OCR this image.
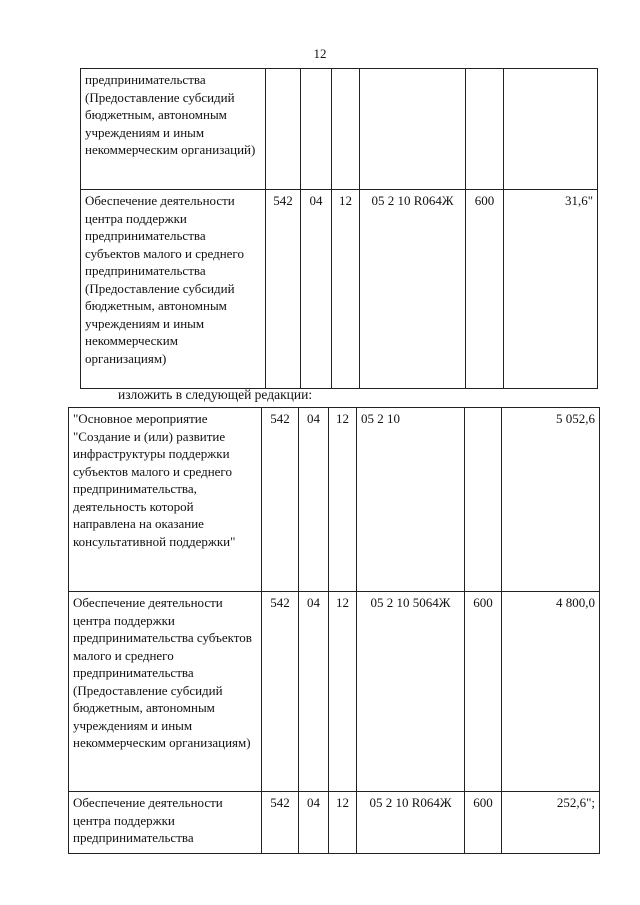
12
предпринимательства
(Предоставление субсидий бюджетным, автономным учреждениям и иным некоммерческим организаций)						
Обеспечение деятельности центра поддержки предпринимательства субъектов малого и среднего предпринимательства (Предоставление субсидий бюджетным, автономным учреждениям и иным некоммерческим организациям)	542	04	12	05 2 10 R064Ж	600	31,6"
изложить в следующей редакции:
"Основное мероприятие "Создание и (или) развитие инфраструктуры поддержки субъектов малого и среднего предпринимательства, деятельность которой направлена на оказание консультативной поддержки"	542	04	12	05 2 10		5 052,6
Обеспечение деятельности центра поддержки предпринимательства субъектов малого и среднего предпринимательства (Предоставление субсидий бюджетным, автономным учреждениям и иным некоммерческим организациям)	542	04	12	05 2 10 5064Ж	600	4 800,0
Обеспечение деятельности центра поддержки предпринимательства	542	04	12	05 2 10 R064Ж	600	252,6";
